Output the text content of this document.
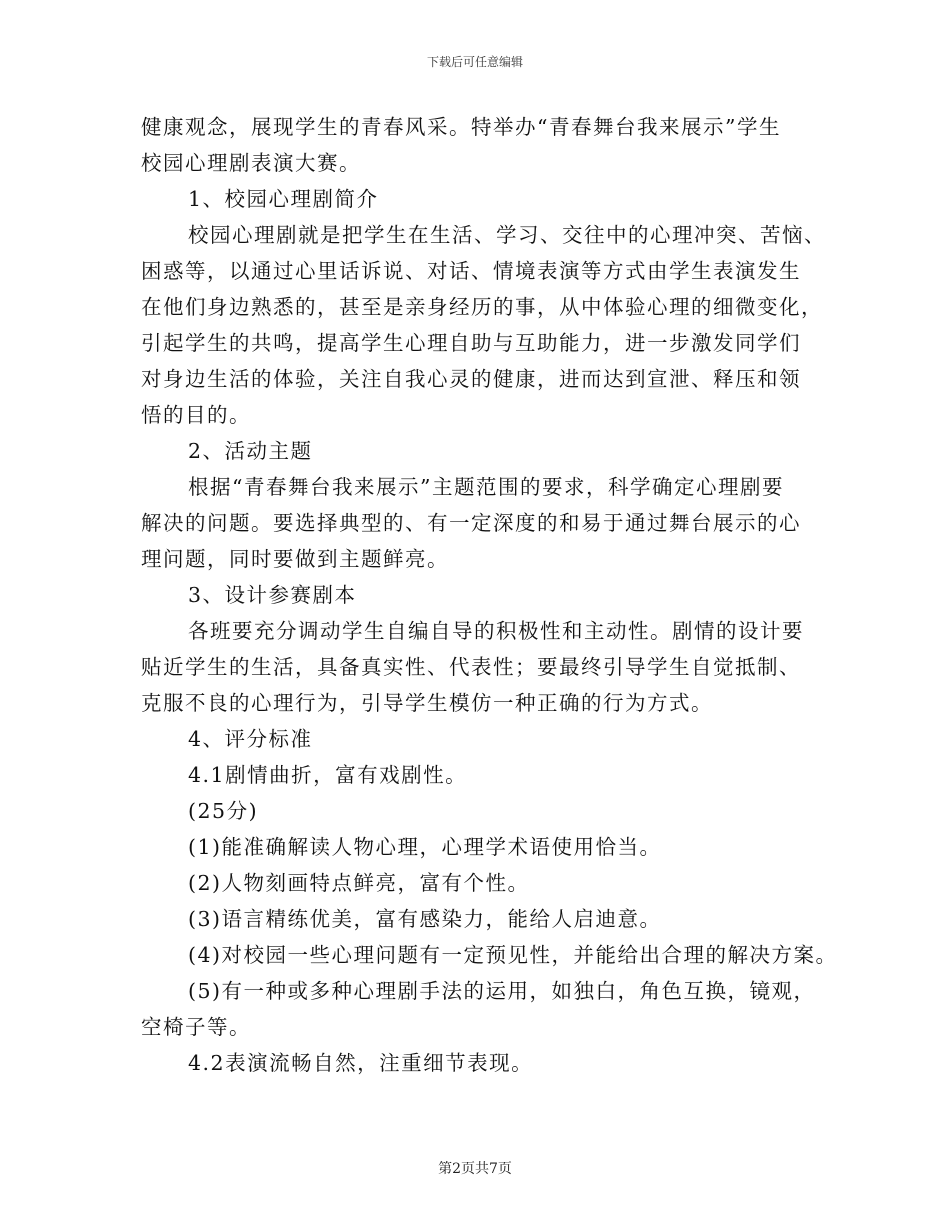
下载后可任意编辑
健康观念，展现学生的青春风采。特举办“青春舞台我来展示”学生
校园心理剧表演大赛。
1、校园心理剧简介
校园心理剧就是把学生在生活、学习、交往中的心理冲突、苦恼、
困惑等，以通过心里话诉说、对话、情境表演等方式由学生表演发生
在他们身边熟悉的，甚至是亲身经历的事，从中体验心理的细微变化，
引起学生的共鸣，提高学生心理自助与互助能力，进一步激发同学们
对身边生活的体验，关注自我心灵的健康，进而达到宣泄、释压和领
悟的目的。
2、活动主题
根据“青春舞台我来展示”主题范围的要求，科学确定心理剧要
解决的问题。要选择典型的、有一定深度的和易于通过舞台展示的心
理问题，同时要做到主题鲜亮。
3、设计参赛剧本
各班要充分调动学生自编自导的积极性和主动性。剧情的设计要
贴近学生的生活，具备真实性、代表性；要最终引导学生自觉抵制、
克服不良的心理行为，引导学生模仿一种正确的行为方式。
4、评分标准
4.1剧情曲折，富有戏剧性。
(25分)
(1)能准确解读人物心理，心理学术语使用恰当。
(2)人物刻画特点鲜亮，富有个性。
(3)语言精练优美，富有感染力，能给人启迪意。
(4)对校园一些心理问题有一定预见性，并能给出合理的解决方案。
(5)有一种或多种心理剧手法的运用，如独白，角色互换，镜观，
空椅子等。
4.2表演流畅自然，注重细节表现。
第2页共7页
